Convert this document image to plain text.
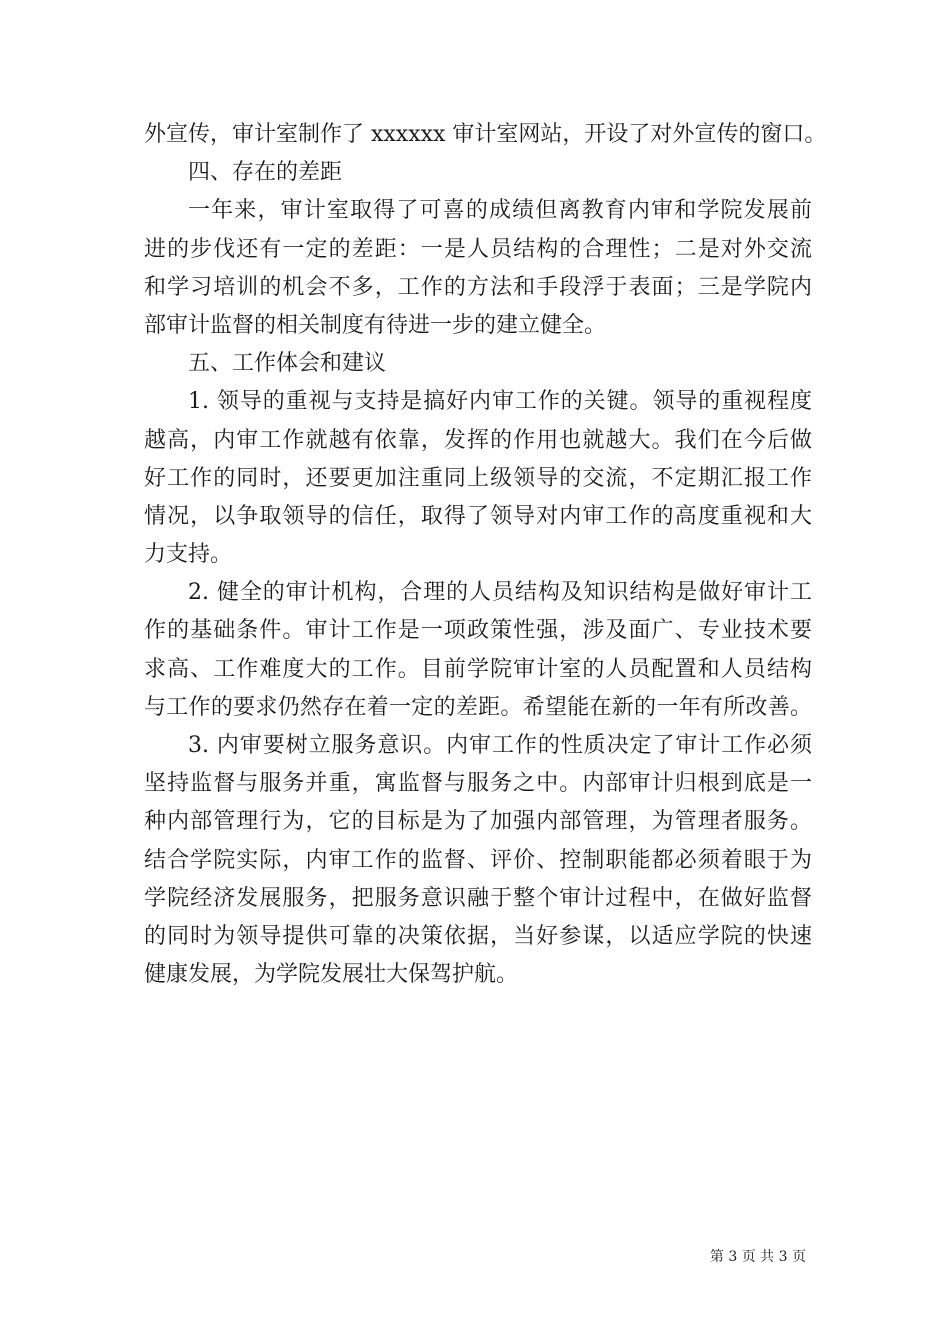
外宣传，审计室制作了 xxxxxx 审计室网站，开设了对外宣传的窗口。

四、存在的差距

一年来，审计室取得了可喜的成绩但离教育内审和学院发展前

进的步伐还有一定的差距：一是人员结构的合理性；二是对外交流

和学习培训的机会不多，工作的方法和手段浮于表面；三是学院内

部审计监督的相关制度有待进一步的建立健全。

五、工作体会和建议

1. 领导的重视与支持是搞好内审工作的关键。领导的重视程度

越高，内审工作就越有依靠，发挥的作用也就越大。我们在今后做

好工作的同时，还要更加注重同上级领导的交流，不定期汇报工作

情况，以争取领导的信任，取得了领导对内审工作的高度重视和大

力支持。

2. 健全的审计机构，合理的人员结构及知识结构是做好审计工

作的基础条件。审计工作是一项政策性强，涉及面广、专业技术要

求高、工作难度大的工作。目前学院审计室的人员配置和人员结构

与工作的要求仍然存在着一定的差距。希望能在新的一年有所改善。

3. 内审要树立服务意识。内审工作的性质决定了审计工作必须

坚持监督与服务并重，寓监督与服务之中。内部审计归根到底是一

种内部管理行为，它的目标是为了加强内部管理，为管理者服务。

结合学院实际，内审工作的监督、评价、控制职能都必须着眼于为

学院经济发展服务，把服务意识融于整个审计过程中，在做好监督

的同时为领导提供可靠的决策依据，当好参谋，以适应学院的快速

健康发展，为学院发展壮大保驾护航。

第 3 页 共 3 页
